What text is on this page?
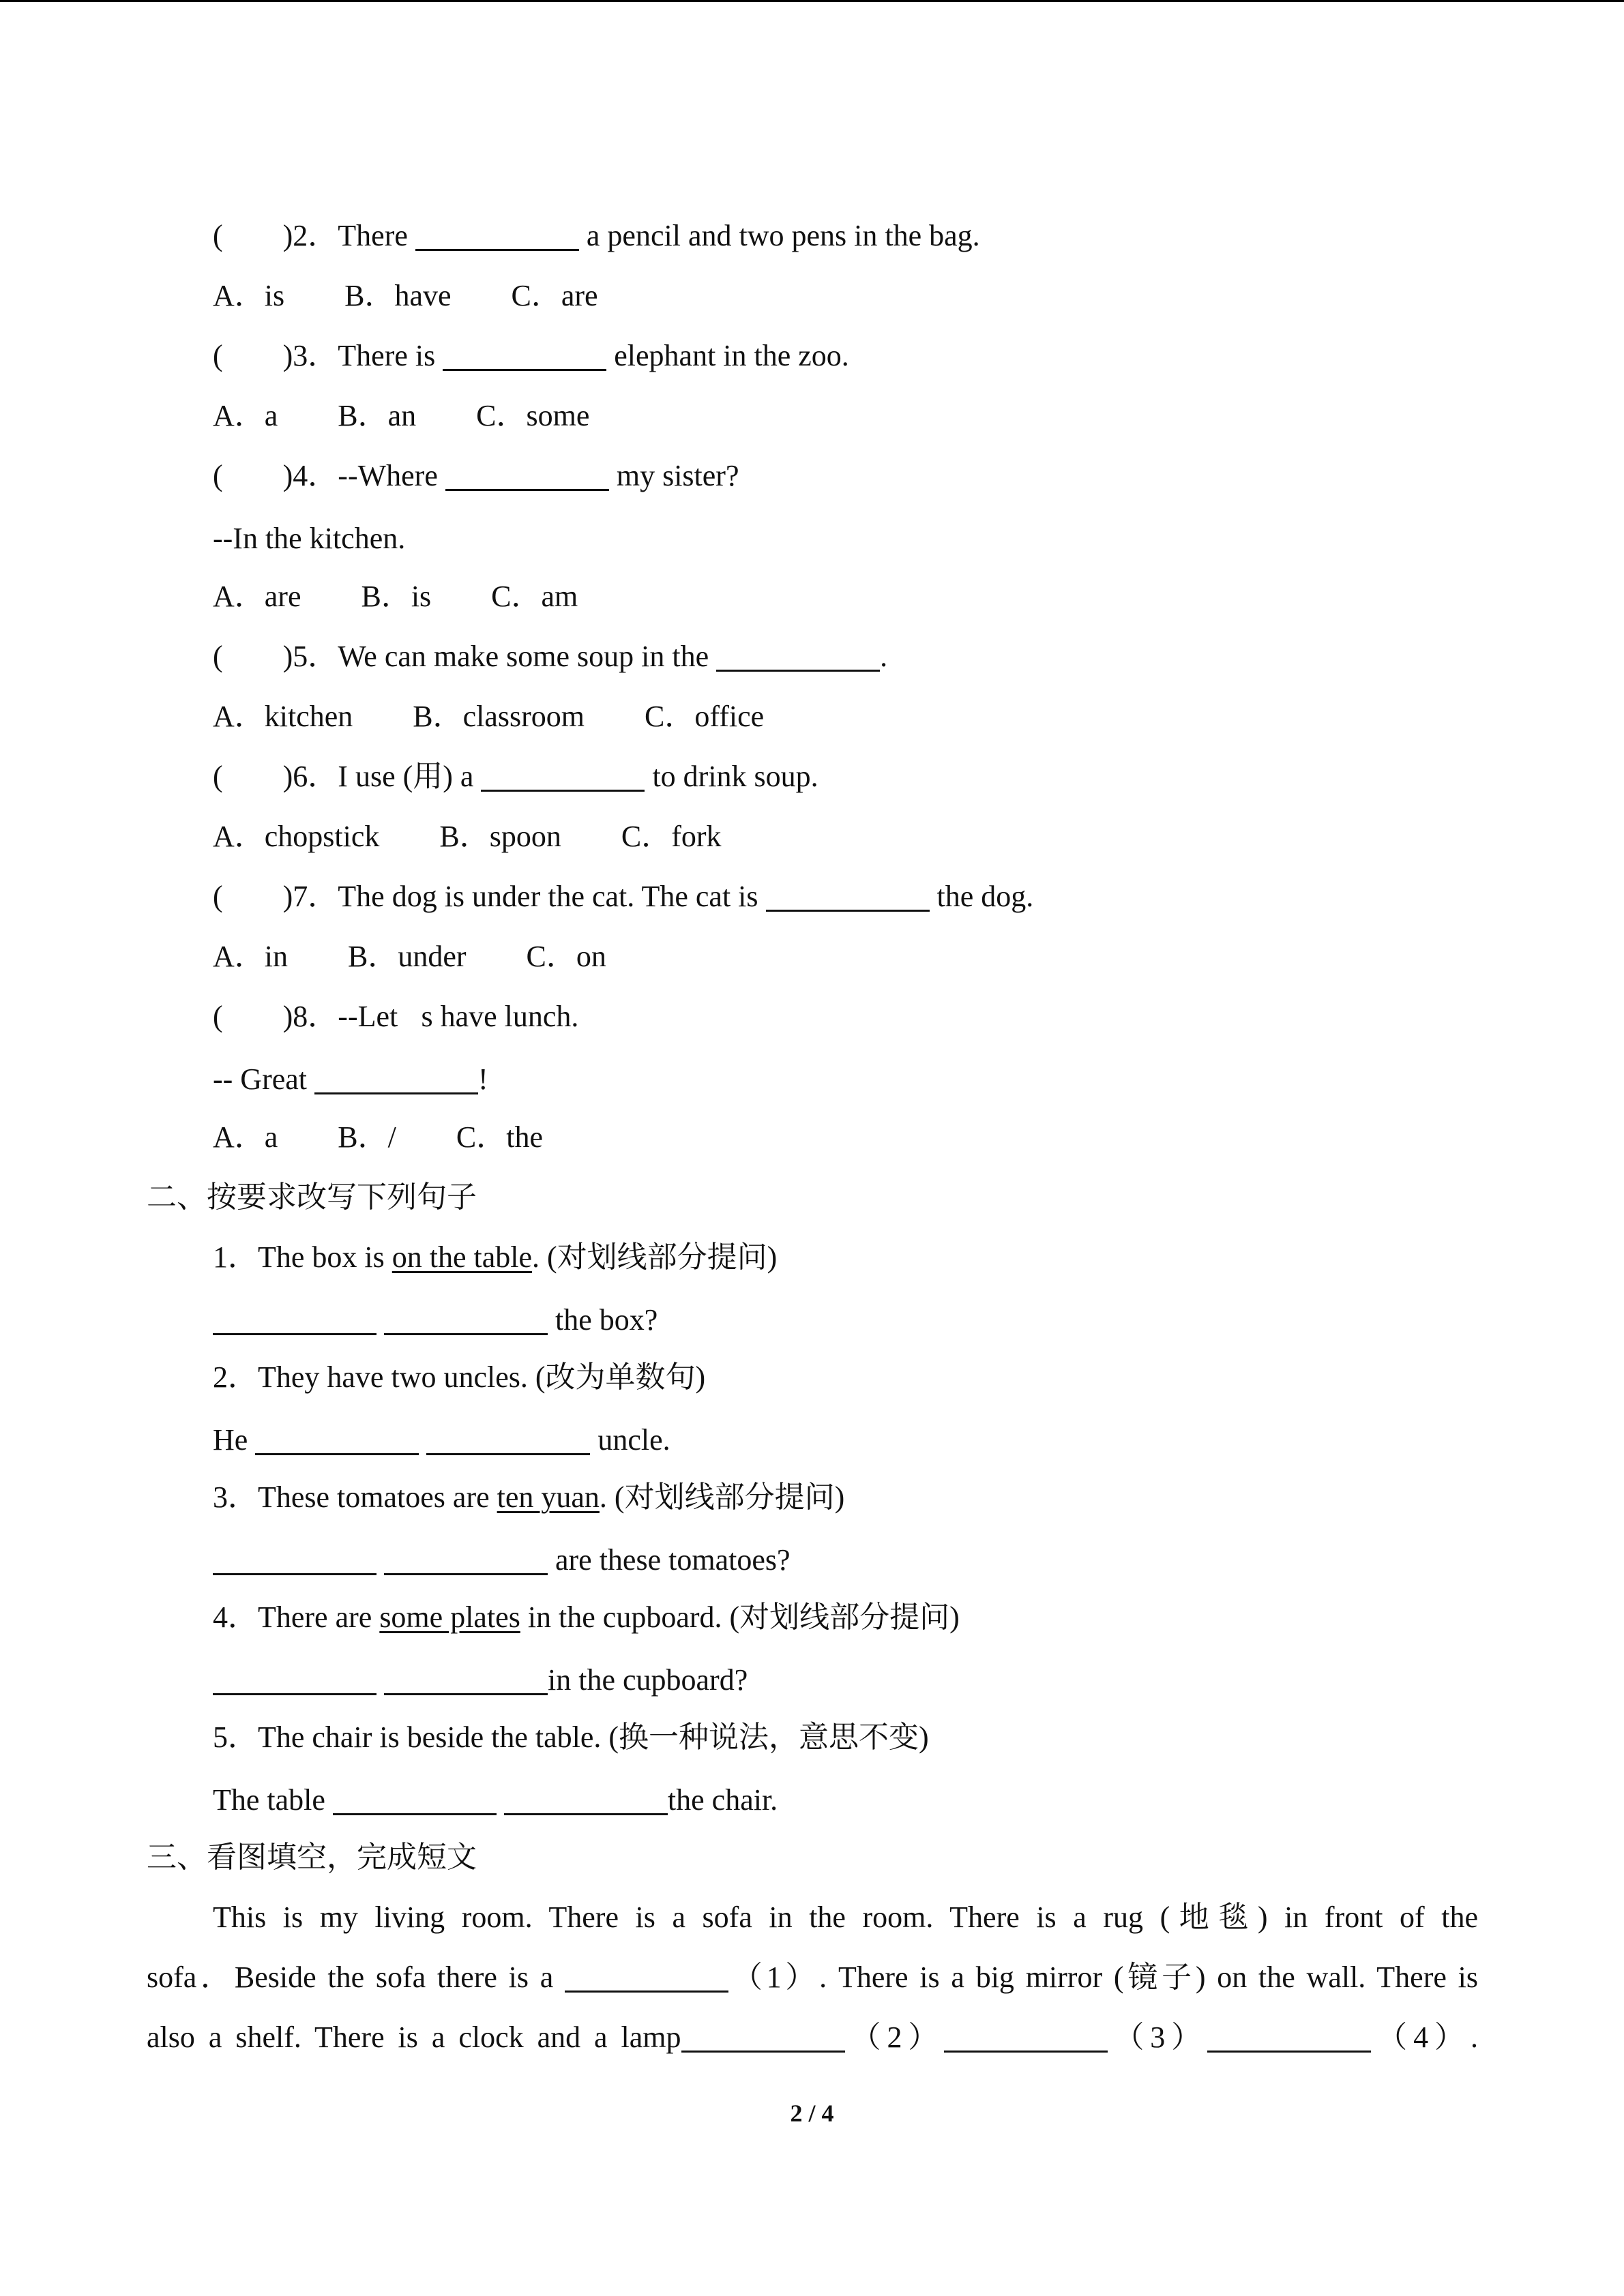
(        )2．There	a pencil and two pens in the bag.
A．is        B．have        C．are
(        )3．There is	elephant in the zoo.
A．a        B．an        C．some
(        )4．--Where	my sister?
--In the kitchen.
A．are        B．is        C．am
(        )5．We can make some soup in the	.
A．kitchen        B．classroom        C．office
(        )6．I use (用) a	to drink soup.
A．chopstick        B．spoon        C．fork
(        )7．The dog is under the cat. The cat is	the dog.
A．in        B．under        C．on
(        )8．--Let s have lunch.
-- Great	!
A．a        B．/        C．the
二、按要求改写下列句子
1．The box is on the table. (对划线部分提问)
the box?
2．They have two uncles. (改为单数句)
He	uncle.
3．These tomatoes are ten yuan. (对划线部分提问)
are these tomatoes?
4．There are some plates in the cupboard. (对划线部分提问)
in the cupboard?
5．The chair is beside the table. (换一种说法，意思不变)
The table	the chair.
三、看图填空，完成短文
This is my living room. There is a sofa in the room. There is a rug (地毯) in front of the
sofa．Beside the sofa there is a	（1）. There is a big mirror (镜子) on the wall. There is
also a shelf. There is a clock and a lamp	（2）	（3）	（4）.
2 / 4
